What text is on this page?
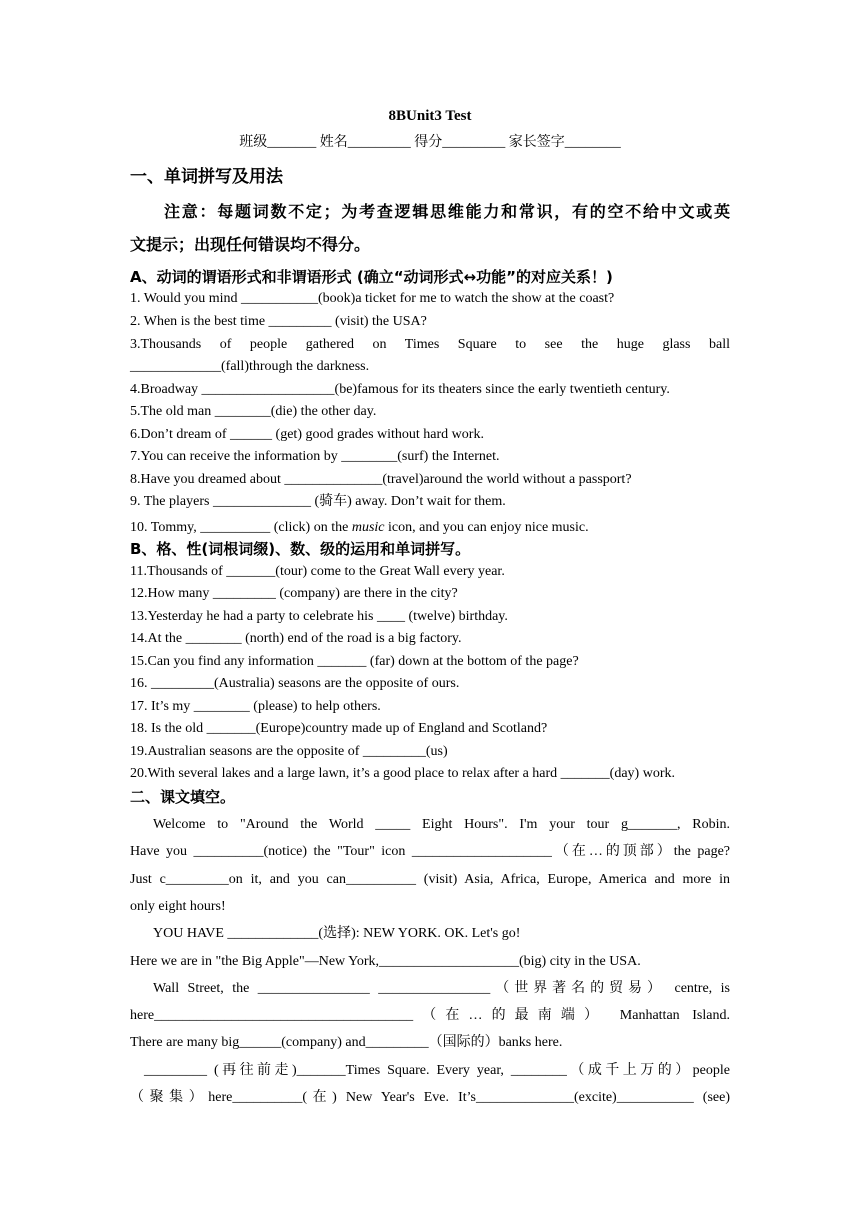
8BUnit3 Test
班级_______ 姓名_________ 得分_________ 家长签字________
一、单词拼写及用法
注意：每题词数不定；为考查逻辑思维能力和常识，有的空不给中文或英
文提示；出现任何错误均不得分。
A、动词的谓语形式和非谓语形式 (确立“动词形式↔功能”的对应关系！)
1. Would you mind ___________(book)a ticket for me to watch the show at the coast?
2. When is the best time _________ (visit) the USA?
3.Thousands of people gathered on Times Square to see the huge glass ball
_____________(fall)through the darkness.
4.Broadway ___________________(be)famous for its theaters since the early twentieth century.
5.The old man ________(die) the other day.
6.Don’t dream of ______ (get) good grades without hard work.
7.You can receive the information by ________(surf) the Internet.
8.Have you dreamed about ______________(travel)around the world without a passport?
9. The players ______________ (骑车) away. Don’t wait for them.
10. Tommy, __________ (click) on the music icon, and you can enjoy nice music.
B、格、性(词根词缀)、数、级的运用和单词拼写。
11.Thousands of _______(tour) come to the Great Wall every year.
12.How many _________ (company) are there in the city?
13.Yesterday he had a party to celebrate his ____ (twelve) birthday.
14.At the ________ (north) end of the road is a big factory.
15.Can you find any information _______ (far) down at the bottom of the page?
16. _________(Australia) seasons are the opposite of ours.
17. It’s my ________ (please) to help others.
18. Is the old _______(Europe)country made up of England and Scotland?
19.Australian seasons are the opposite of _________(us)
20.With several lakes and a large lawn, it’s a good place to relax after a hard _______(day) work.
二、课文填空。
Welcome to "Around the World _____ Eight Hours". I'm your tour g_______, Robin.
Have you __________(notice) the "Tour" icon ____________________（在…的顶部）the page?
Just c_________on it, and you can__________ (visit) Asia, Africa, Europe, America and more in
only eight hours!
YOU HAVE _____________(选择): NEW YORK. OK. Let's go!
Here we are in "the Big Apple"—New York,____________________(big) city in the USA.
Wall Street, the ________________ ________________（世界著名的贸易） centre, is
here_____________________________________（在…的最南端） Manhattan Island.
There are many big______(company) and_________（国际的）banks here.
_________ (再往前走)_______Times Square. Every year, ________（成千上万的）people
（聚集）here__________(在) New Year's Eve. It’s______________(excite)___________ (see)
